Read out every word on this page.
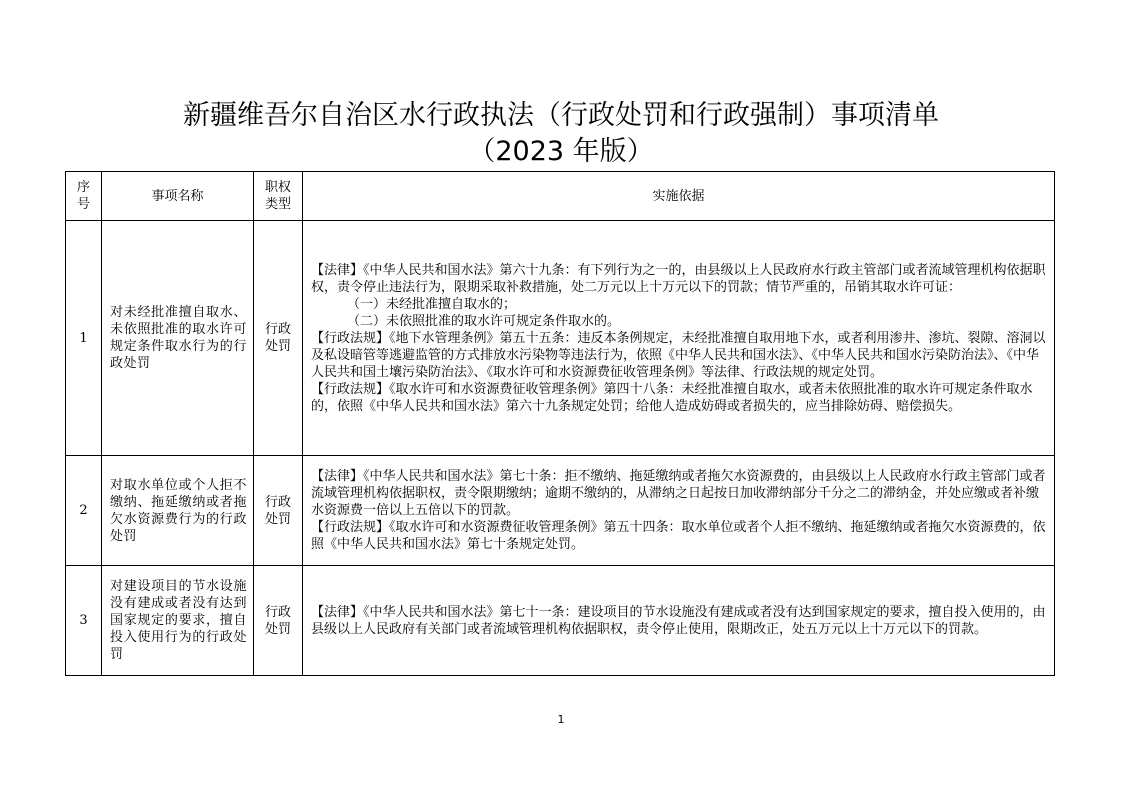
新疆维吾尔自治区水行政执法（行政处罚和行政强制）事项清单
（2023 年版）
序号	事项名称	职权类型	实施依据
1	对未经批准擅自取水、未依照批准的取水许可规定条件取水行为的行政处罚	行政处罚	【法律】《中华人民共和国水法》第六十九条：有下列行为之一的，由县级以上人民政府水行政主管部门或者流域管理机构依据职权，责令停止违法行为，限期采取补救措施，处二万元以上十万元以下的罚款；情节严重的，吊销其取水许可证：

（一）未经批准擅自取水的；

（二）未依照批准的取水许可规定条件取水的。

【行政法规】《地下水管理条例》第五十五条：违反本条例规定，未经批准擅自取用地下水，或者利用渗井、渗坑、裂隙、溶洞以及私设暗管等逃避监管的方式排放水污染物等违法行为，依照《中华人民共和国水法》、《中华人民共和国水污染防治法》、《中华人民共和国土壤污染防治法》、《取水许可和水资源费征收管理条例》等法律、行政法规的规定处罚。

【行政法规】《取水许可和水资源费征收管理条例》第四十八条：未经批准擅自取水，或者未依照批准的取水许可规定条件取水的，依照《中华人民共和国水法》第六十九条规定处罚；给他人造成妨碍或者损失的，应当排除妨碍、赔偿损失。

2	对取水单位或个人拒不缴纳、拖延缴纳或者拖欠水资源费行为的行政处罚	行政处罚	【法律】《中华人民共和国水法》第七十条：拒不缴纳、拖延缴纳或者拖欠水资源费的，由县级以上人民政府水行政主管部门或者流域管理机构依据职权，责令限期缴纳；逾期不缴纳的，从滞纳之日起按日加收滞纳部分千分之二的滞纳金，并处应缴或者补缴水资源费一倍以上五倍以下的罚款。

【行政法规】《取水许可和水资源费征收管理条例》第五十四条：取水单位或者个人拒不缴纳、拖延缴纳或者拖欠水资源费的，依照《中华人民共和国水法》第七十条规定处罚。

3	对建设项目的节水设施没有建成或者没有达到国家规定的要求，擅自投入使用行为的行政处罚	行政处罚	【法律】《中华人民共和国水法》第七十一条：建设项目的节水设施没有建成或者没有达到国家规定的要求，擅自投入使用的，由县级以上人民政府有关部门或者流域管理机构依据职权，责令停止使用，限期改正，处五万元以上十万元以下的罚款。

1
